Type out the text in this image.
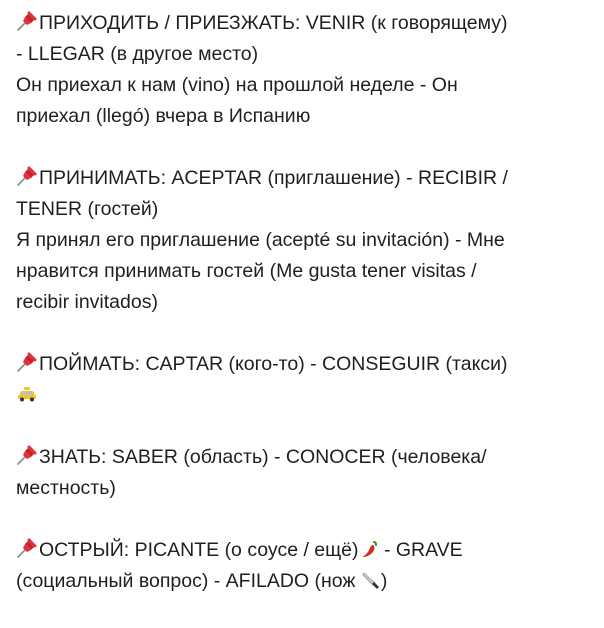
ПРИХОДИТЬ / ПРИЕЗЖАТЬ: VENIR (к говорящему)
- LLEGAR (в другое место)
Он приехал к нам (vino) на прошлой неделе - Он
приехал (llegó) вчера в Испанию
ПРИНИМАТЬ: ACEPTAR (приглашение) - RECIBIR /
TENER (гостей)
Я принял его приглашение (acepté su invitación) - Мне
нравится принимать гостей (Me gusta tener visitas /
recibir invitados)
ПОЙМАТЬ: CAPTAR (кого-то) - CONSEGUIR (такси)
ЗНАТЬ: SABER (область) - CONOCER (человека/
местность)
ОСТРЫЙ: PICANTE (о соусе / ещё)
- GRAVE
(социальный вопрос) - AFILADO (нож
)
